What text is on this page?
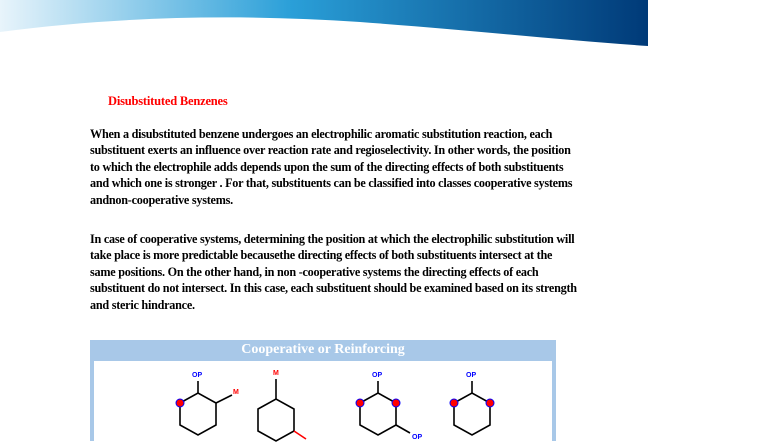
Disubstituted Benzenes

When a disubstituted benzene undergoes an electrophilic aromatic substitution reaction, each substituent exerts an influence over reaction rate and regioselectivity. In other words, the position to which the electrophile adds depends upon the sum of the directing effects of both substituents and which one is stronger . For that, substituents can be classified into classes cooperative systems andnon-cooperative systems.

In case of cooperative systems, determining the position at which the electrophilic substitution will take place is more predictable becausethe directing effects of both substituents intersect at the same positions. On the other hand, in non -cooperative systems the directing effects of each substituent do not intersect. In this case, each substituent should be examined based on its strength and steric hindrance.

Cooperative or Reinforcing
OP
M
M	OP
OP
OP
